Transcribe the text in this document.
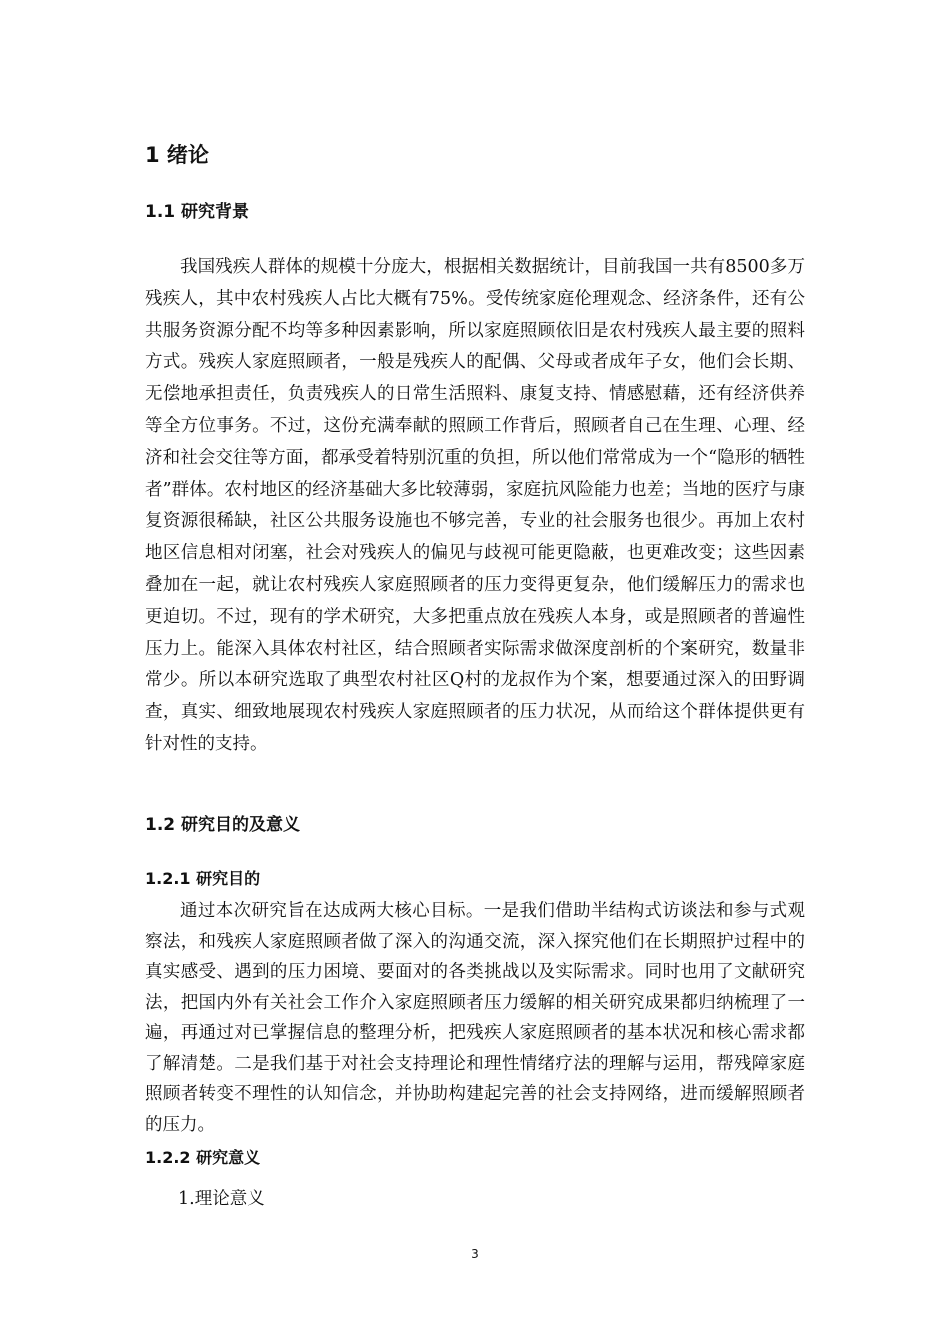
1 绪论
1.1 研究背景

我国残疾人群体的规模十分庞大，根据相关数据统计，目前我国一共有8500多万残疾人，其中农村残疾人占比大概有75%。受传统家庭伦理观念、经济条件，还有公共服务资源分配不均等多种因素影响，所以家庭照顾依旧是农村残疾人最主要的照料方式。残疾人家庭照顾者，一般是残疾人的配偶、父母或者成年子女，他们会长期、无偿地承担责任，负责残疾人的日常生活照料、康复支持、情感慰藉，还有经济供养等全方位事务。不过，这份充满奉献的照顾工作背后，照顾者自己在生理、心理、经济和社会交往等方面，都承受着特别沉重的负担，所以他们常常成为一个“隐形的牺牲者”群体。农村地区的经济基础大多比较薄弱，家庭抗风险能力也差；当地的医疗与康复资源很稀缺，社区公共服务设施也不够完善，专业的社会服务也很少。再加上农村地区信息相对闭塞，社会对残疾人的偏见与歧视可能更隐蔽，也更难改变；这些因素叠加在一起，就让农村残疾人家庭照顾者的压力变得更复杂，他们缓解压力的需求也更迫切。不过，现有的学术研究，大多把重点放在残疾人本身，或是照顾者的普遍性压力上。能深入具体农村社区，结合照顾者实际需求做深度剖析的个案研究，数量非常少。所以本研究选取了典型农村社区Q村的龙叔作为个案，想要通过深入的田野调查，真实、细致地展现农村残疾人家庭照顾者的压力状况，从而给这个群体提供更有针对性的支持。

1.2 研究目的及意义
1.2.1 研究目的

通过本次研究旨在达成两大核心目标。一是我们借助半结构式访谈法和参与式观察法，和残疾人家庭照顾者做了深入的沟通交流，深入探究他们在长期照护过程中的真实感受、遇到的压力困境、要面对的各类挑战以及实际需求。同时也用了文献研究法，把国内外有关社会工作介入家庭照顾者压力缓解的相关研究成果都归纳梳理了一遍，再通过对已掌握信息的整理分析，把残疾人家庭照顾者的基本状况和核心需求都了解清楚。二是我们基于对社会支持理论和理性情绪疗法的理解与运用，帮残障家庭照顾者转变不理性的认知信念，并协助构建起完善的社会支持网络，进而缓解照顾者的压力。

1.2.2 研究意义
1.理论意义
3
